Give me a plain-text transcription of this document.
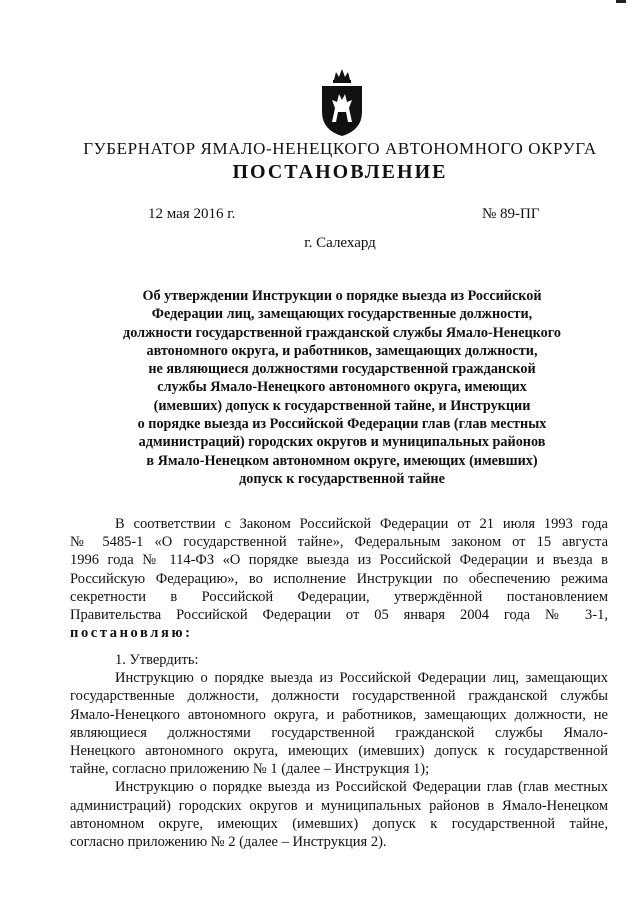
ГУБЕРНАТОР ЯМАЛО-НЕНЕЦКОГО АВТОНОМНОГО ОКРУГА
ПОСТАНОВЛЕНИЕ
12 мая 2016 г.	№ 89-ПГ
г. Салехард
Об утверждении Инструкции о порядке выезда из Российской
Федерации лиц, замещающих государственные должности,
должности государственной гражданской службы Ямало-Ненецкого
автономного округа, и работников, замещающих должности,
не являющиеся должностями государственной гражданской
службы Ямало-Ненецкого автономного округа, имеющих
(имевших) допуск к государственной тайне, и Инструкции
о порядке выезда из Российской Федерации глав (глав местных
администраций) городских округов и муниципальных районов
в Ямало-Ненецком автономном округе, имеющих (имевших)
допуск к государственной тайне
В соответствии с Законом Российской Федерации от 21 июля 1993 года
№ 5485-1 «О государственной тайне», Федеральным законом от 15 августа
1996 года № 114-ФЗ «О порядке выезда из Российской Федерации и въезда в
Российскую Федерацию», во исполнение Инструкции по обеспечению режима
секретности в Российской Федерации, утверждённой постановлением
Правительства Российской Федерации от 05 января 2004 года № 3-1,
постановляю:
1. Утвердить:
Инструкцию о порядке выезда из Российской Федерации лиц, замещающих
государственные должности, должности государственной гражданской службы
Ямало-Ненецкого автономного округа, и работников, замещающих должности, не
являющиеся должностями государственной гражданской службы Ямало-
Ненецкого автономного округа, имеющих (имевших) допуск к государственной
тайне, согласно приложению № 1 (далее – Инструкция 1);
Инструкцию о порядке выезда из Российской Федерации глав (глав местных
администраций) городских округов и муниципальных районов в Ямало-Ненецком
автономном округе, имеющих (имевших) допуск к государственной тайне,
согласно приложению № 2 (далее – Инструкция 2).
